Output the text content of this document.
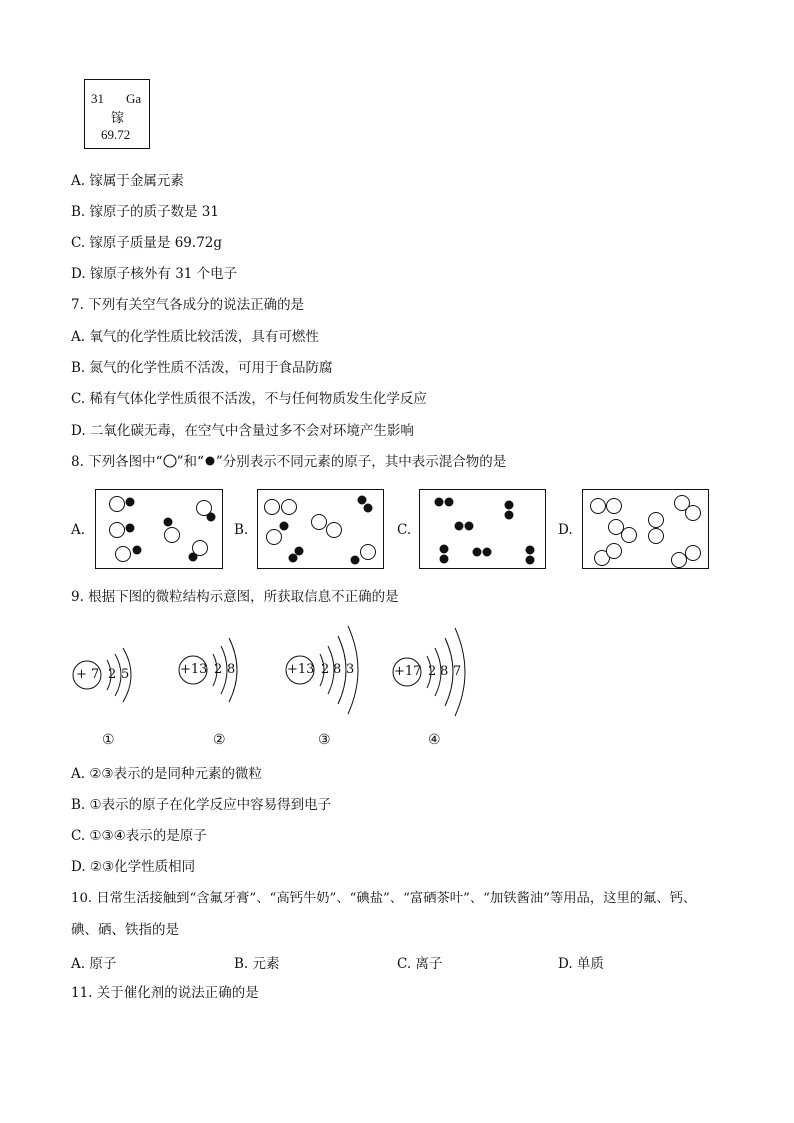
31 Ga
镓
69.72
A. 镓属于金属元素
B. 镓原子的质子数是 31
C. 镓原子质量是 69.72g
D. 镓原子核外有 31 个电子
7. 下列有关空气各成分的说法正确的是
A. 氧气的化学性质比较活泼，具有可燃性
B. 氮气的化学性质不活泼，可用于食品防腐
C. 稀有气体化学性质很不活泼，不与任何物质发生化学反应
D. 二氧化碳无毒，在空气中含量过多不会对环境产生影响
8. 下列各图中“ ”和“ ”分别表示不同元素的原子，其中表示混合物的是
A.	B.	C.	D.
9. 根据下图的微粒结构示意图，所获取信息不正确的是
+ 7 2 5	+13 2 8	+13 2 8 3	+17 2 8 7
①	②	③	④
A. ②③表示的是同种元素的微粒
B. ①表示的原子在化学反应中容易得到电子
C. ①③④表示的是原子
D. ②③化学性质相同
10. 日常生活接触到“含氟牙膏”、“高钙牛奶”、“碘盐”、“富硒茶叶”、“加铁酱油”等用品，这里的氟、钙、
碘、硒、铁指的是
A. 原子	B. 元素	C. 离子	D. 单质
11. 关于催化剂的说法正确的是
